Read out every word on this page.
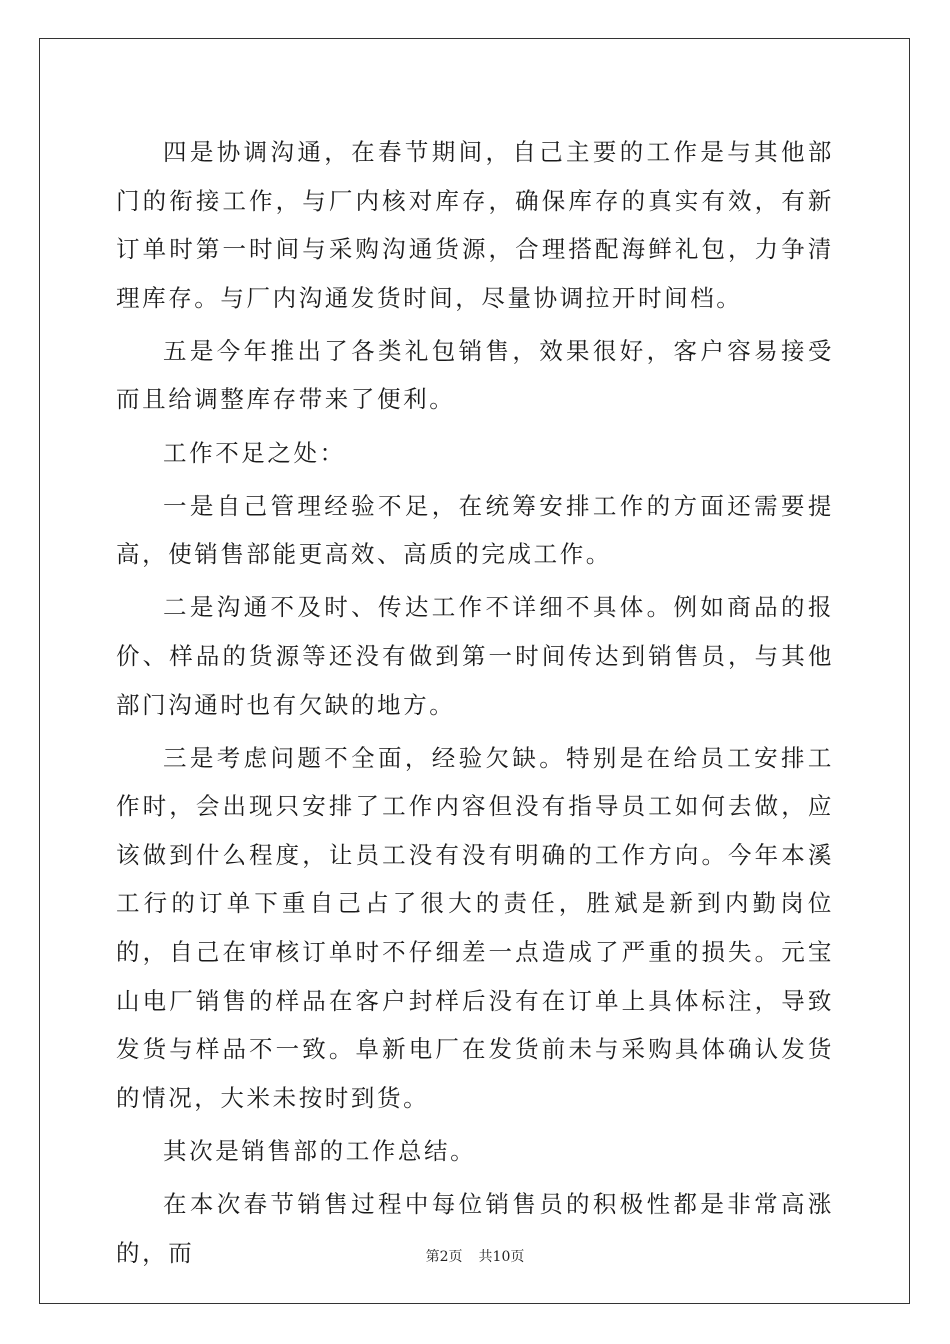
四是协调沟通，在春节期间，自己主要的工作是与其他部门的衔接工作，与厂内核对库存，确保库存的真实有效，有新订单时第一时间与采购沟通货源，合理搭配海鲜礼包，力争清理库存。与厂内沟通发货时间，尽量协调拉开时间档。

五是今年推出了各类礼包销售，效果很好，客户容易接受而且给调整库存带来了便利。

工作不足之处：

一是自己管理经验不足，在统筹安排工作的方面还需要提高，使销售部能更高效、高质的完成工作。

二是沟通不及时、传达工作不详细不具体。例如商品的报价、样品的货源等还没有做到第一时间传达到销售员，与其他部门沟通时也有欠缺的地方。

三是考虑问题不全面，经验欠缺。特别是在给员工安排工作时，会出现只安排了工作内容但没有指导员工如何去做，应该做到什么程度，让员工没有没有明确的工作方向。今年本溪工行的订单下重自己占了很大的责任，胜斌是新到内勤岗位的，自己在审核订单时不仔细差一点造成了严重的损失。元宝山电厂销售的样品在客户封样后没有在订单上具体标注，导致发货与样品不一致。阜新电厂在发货前未与采购具体确认发货的情况，大米未按时到货。

其次是销售部的工作总结。

在本次春节销售过程中每位销售员的积极性都是非常高涨的，而	第2页 共10页
